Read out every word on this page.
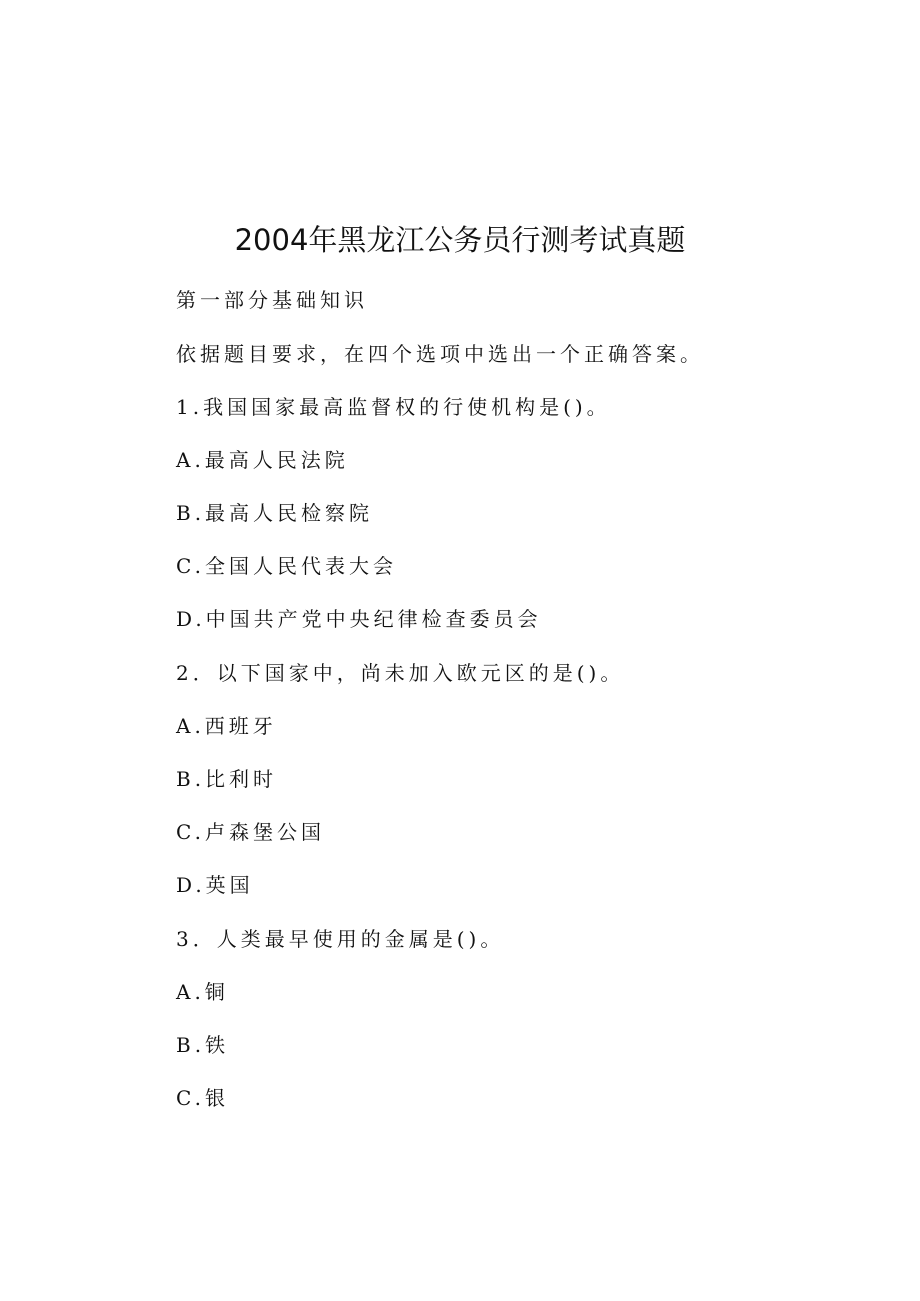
2004年黑龙江公务员行测考试真题
第一部分基础知识
依据题目要求，在四个选项中选出一个正确答案。
1.我国国家最高监督权的行使机构是()。
A.最高人民法院
B.最高人民检察院
C.全国人民代表大会
D.中国共产党中央纪律检查委员会
2．以下国家中，尚未加入欧元区的是()。
A.西班牙
B.比利时
C.卢森堡公国
D.英国
3．人类最早使用的金属是()。
A.铜
B.铁
C.银
